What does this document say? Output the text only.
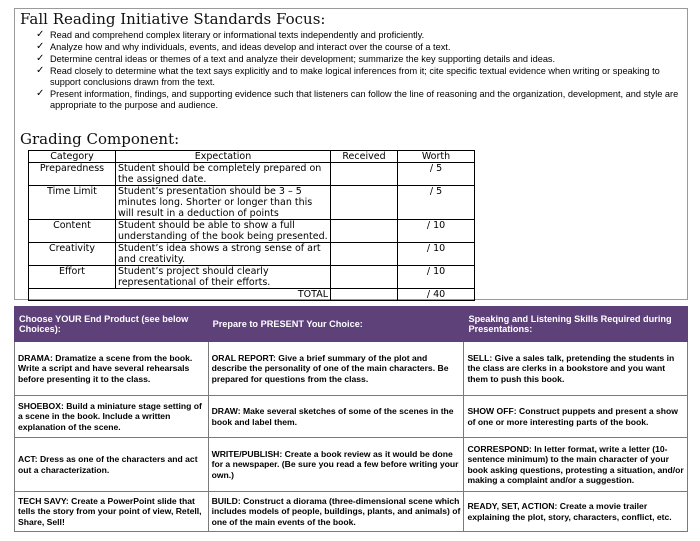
Fall Reading Initiative Standards Focus:
✓ Read and comprehend complex literary or informational texts independently and proficiently.
✓ Analyze how and why individuals, events, and ideas develop and interact over the course of a text.
✓ Determine central ideas or themes of a text and analyze their development; summarize the key supporting details and ideas.
✓ Read closely to determine what the text says explicitly and to make logical inferences from it; cite specific textual evidence when writing or speaking to support conclusions drawn from the text.
✓ Present information, findings, and supporting evidence such that listeners can follow the line of reasoning and the organization, development, and style are appropriate to the purpose and audience.
Grading Component:
Category	Expectation	Received	Worth
Preparedness	Student should be completely prepared on the assigned date.		/ 5
Time Limit	Student’s presentation should be 3 – 5 minutes long. Shorter or longer than this will result in a deduction of points		/ 5
Content	Student should be able to show a full understanding of the book being presented.		/ 10
Creativity	Student’s idea shows a strong sense of art and creativity.		/ 10
Effort	Student’s project should clearly representational of their efforts.		/ 10
TOTAL			/ 40
Choose YOUR End Product (see below Choices):	Prepare to PRESENT Your Choice:	Speaking and Listening Skills Required during Presentations:
DRAMA: Dramatize a scene from the book. Write a script and have several rehearsals before presenting it to the class.	ORAL REPORT: Give a brief summary of the plot and describe the personality of one of the main characters. Be prepared for questions from the class.	SELL: Give a sales talk, pretending the students in the class are clerks in a bookstore and you want them to push this book.
SHOEBOX: Build a miniature stage setting of a scene in the book. Include a written explanation of the scene.	DRAW: Make several sketches of some of the scenes in the book and label them.	SHOW OFF: Construct puppets and present a show of one or more interesting parts of the book.
ACT: Dress as one of the characters and act out a characterization.	WRITE/PUBLISH: Create a book review as it would be done for a newspaper. (Be sure you read a few before writing your own.)	CORRESPOND: In letter format, write a letter (10-sentence minimum) to the main character of your book asking questions, protesting a situation, and/or making a complaint and/or a suggestion.
TECH SAVY: Create a PowerPoint slide that tells the story from your point of view, Retell, Share, Sell!	BUILD: Construct a diorama (three-dimensional scene which includes models of people, buildings, plants, and animals) of one of the main events of the book.	READY, SET, ACTION: Create a movie trailer explaining the plot, story, characters, conflict, etc.
